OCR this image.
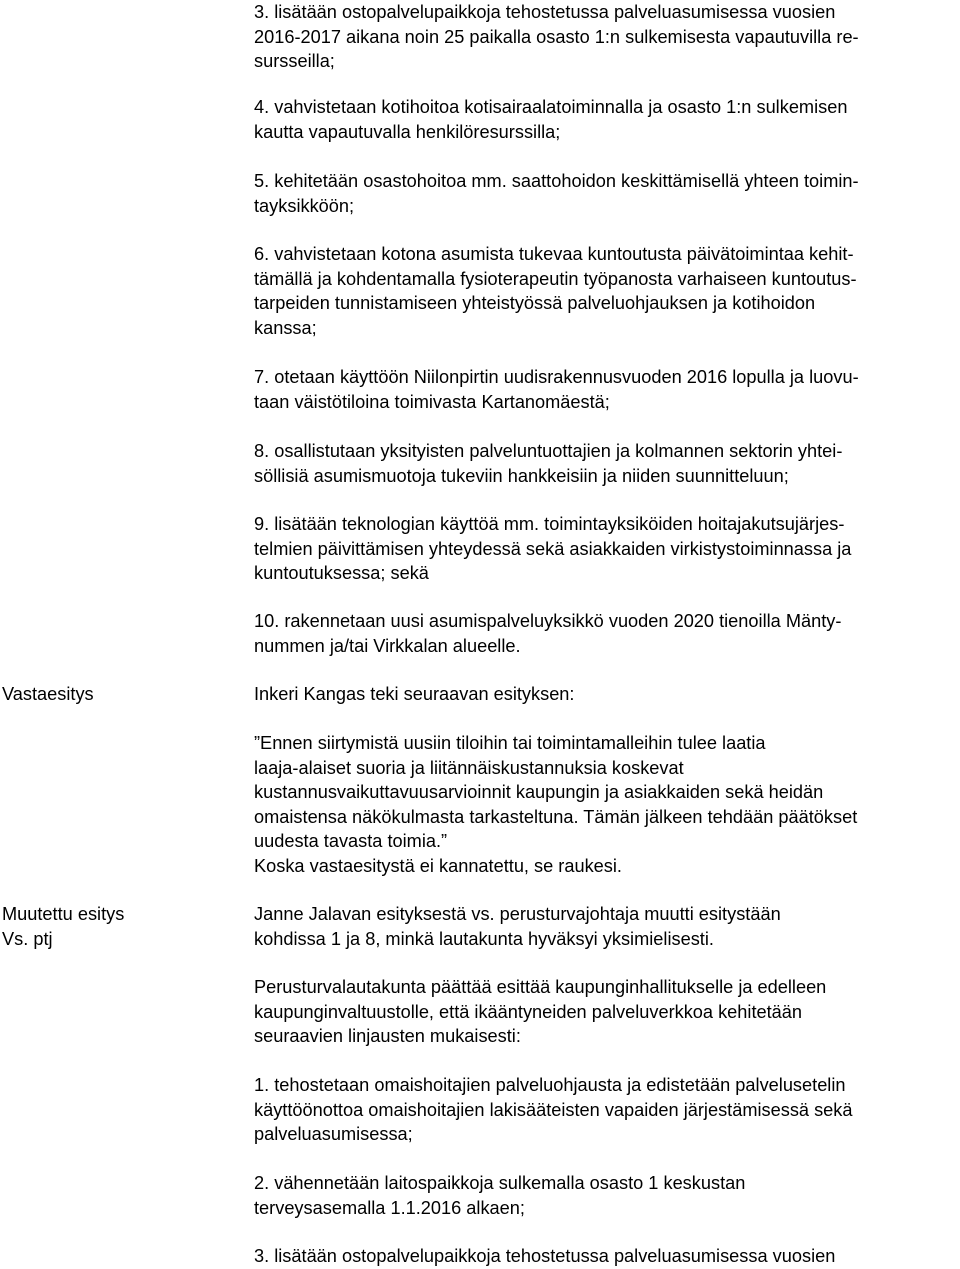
3. lisätään ostopalvelupaikkoja tehostetussa palveluasumisessa vuosien
2016-2017 aikana noin 25 paikalla osasto 1:n sulkemisesta vapautuvilla re-
sursseilla;
4. vahvistetaan kotihoitoa kotisairaalatoiminnalla ja osasto 1:n sulkemisen
kautta vapautuvalla henkilöresurssilla;
5. kehitetään osastohoitoa mm. saattohoidon keskittämisellä yhteen toimin-
tayksikköön;
6. vahvistetaan kotona asumista tukevaa kuntoutusta päivätoimintaa kehit-
tämällä ja kohdentamalla fysioterapeutin työpanosta varhaiseen kuntoutus-
tarpeiden tunnistamiseen yhteistyössä palveluohjauksen ja kotihoidon
kanssa;
7. otetaan käyttöön Niilonpirtin uudisrakennusvuoden 2016 lopulla ja luovu-
taan väistötiloina toimivasta Kartanomäestä;
8. osallistutaan yksityisten palveluntuottajien ja kolmannen sektorin yhtei-
söllisiä asumismuotoja tukeviin hankkeisiin ja niiden suunnitteluun;
9. lisätään teknologian käyttöä mm. toimintayksiköiden hoitajakutsujärjes-
telmien päivittämisen yhteydessä sekä asiakkaiden virkistystoiminnassa ja
kuntoutuksessa; sekä
10. rakennetaan uusi asumispalveluyksikkö vuoden 2020 tienoilla Mänty-
nummen ja/tai Virkkalan alueelle.
Vastaesitys	Inkeri Kangas teki seuraavan esityksen:
”Ennen siirtymistä uusiin tiloihin tai toimintamalleihin tulee laatia
laaja-alaiset suoria ja liitännäiskustannuksia koskevat
kustannusvaikuttavuusarvioinnit kaupungin ja asiakkaiden sekä heidän
omaistensa näkökulmasta tarkasteltuna. Tämän jälkeen tehdään päätökset
uudesta tavasta toimia.”
Koska vastaesitystä ei kannatettu, se raukesi.
Muutettu esitys
Vs. ptj
Janne Jalavan esityksestä vs. perusturvajohtaja muutti esitystään
kohdissa 1 ja 8, minkä lautakunta hyväksyi yksimielisesti.
Perusturvalautakunta päättää esittää kaupunginhallitukselle ja edelleen
kaupunginvaltuustolle, että ikääntyneiden palveluverkkoa kehitetään
seuraavien linjausten mukaisesti:
1. tehostetaan omaishoitajien palveluohjausta ja edistetään palvelusetelin
käyttöönottoa omaishoitajien lakisääteisten vapaiden järjestämisessä sekä
palveluasumisessa;
2. vähennetään laitospaikkoja sulkemalla osasto 1 keskustan
terveysasemalla 1.1.2016 alkaen;
3. lisätään ostopalvelupaikkoja tehostetussa palveluasumisessa vuosien
